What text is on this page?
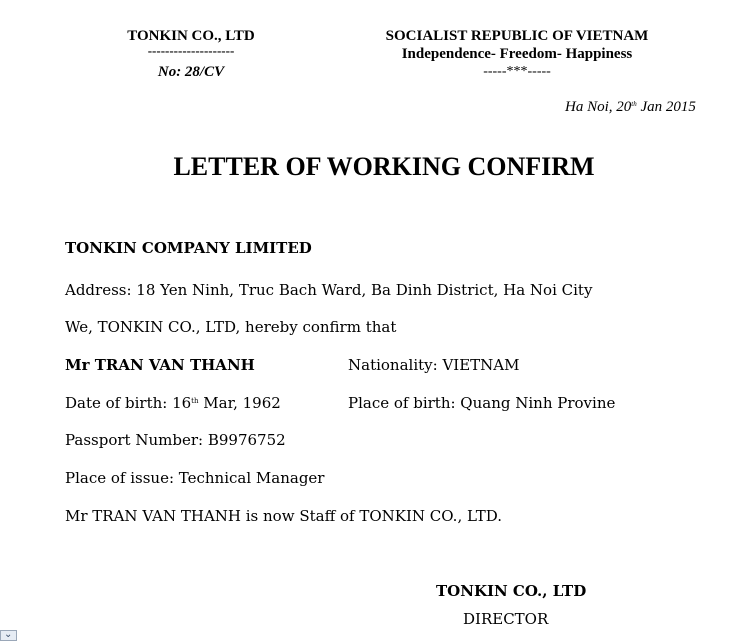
TONKIN CO., LTD
--------------------
No: 28/CV
SOCIALIST REPUBLIC OF VIETNAM
Independence- Freedom- Happiness
-----***-----
Ha Noi, 20th Jan 2015
LETTER OF WORKING CONFIRM
TONKIN COMPANY LIMITED
Address: 18 Yen Ninh, Truc Bach Ward, Ba Dinh District, Ha Noi City
We, TONKIN CO., LTD, hereby confirm that
Mr TRAN VAN THANH	Nationality: VIETNAM
Date of birth: 16th Mar, 1962	Place of birth: Quang Ninh Provine
Passport Number: B9976752
Place of issue: Technical Manager
Mr TRAN VAN THANH is now Staff of TONKIN CO., LTD.
TONKIN CO., LTD
DIRECTOR
⌄
